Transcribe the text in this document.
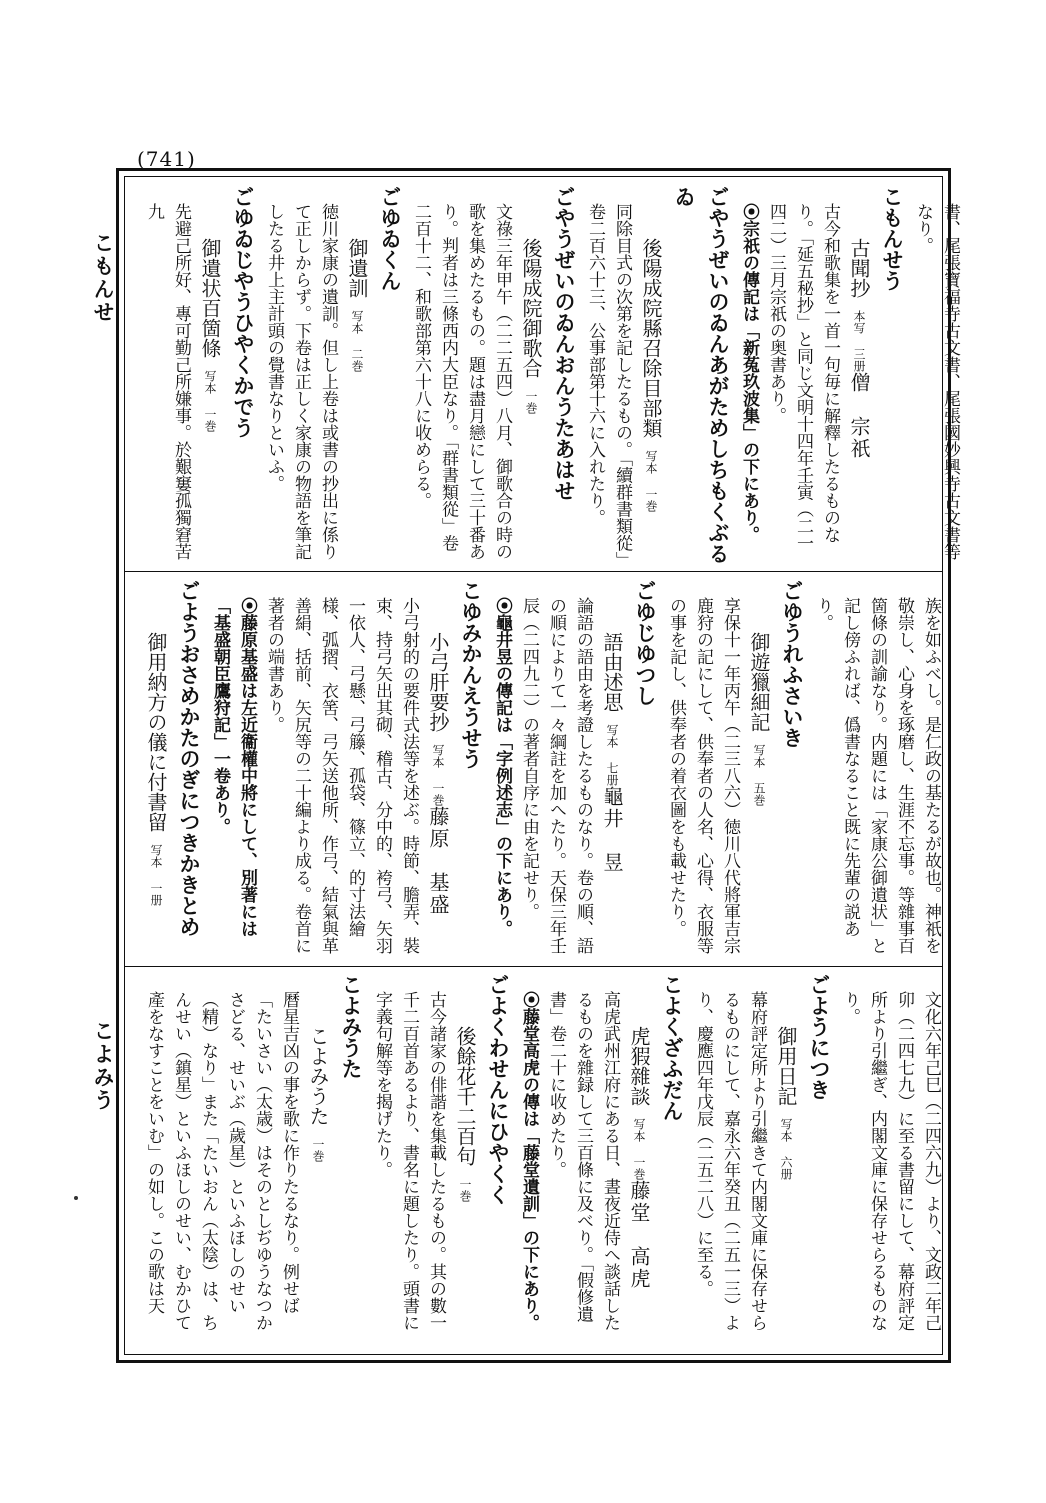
(741)
こもんせ
こよみう

書、尾張寶福寺古文書、尾張國妙興寺古文書等なり。

こもんせう

古聞抄　本写 三册僧　宗祇

古今和歌集を一首一句毎に解釋したるものなり。「延五秘抄」と同じ文明十四年壬寅（二一四二）三月宗祇の奥書あり。

⦿宗祇の傳記は「新菟玖波集」の下にあり。

ごやうぜいのゐんあがためしちもくぶるゐ

後陽成院縣召除目部類　写本 一巻

同除目式の次第を記したるもの。「續群書類從」卷二百六十三、公事部第十六に入れたり。

ごやうぜいのゐんおんうたあはせ

後陽成院御歌合　一巻

文祿三年甲午（二二五四）八月、御歌合の時の歌を集めたるもの。題は盡月戀にして三十番あり。判者は三條西内大臣なり。「群書類從」卷二百十二、和歌部第六十八に收めらる。

ごゆゐくん

御遺訓　写本 二巻

徳川家康の遺訓。但し上卷は或書の抄出に係りて正しからず。下卷は正しく家康の物語を筆記したる井上主計頭の覺書なりといふ。

ごゆゐじやうひやくかでう

御遺状百箇條　写本 一巻

先避己所好、專可勤己所嫌事。於艱窶孤獨窘苦九

族を如ふべし。是仁政の基たるが故也。神祇を敬崇し、心身を琢磨し、生涯不忘事。等雜事百箇條の訓諭なり。内題には「家康公御遺状」と記し傍ふれば、僞書なること既に先輩の説あり。

ごゆうれふさいき

御遊獵細記　写本 五巻

享保十一年丙午（二三八六）徳川八代將軍吉宗鹿狩の記にして、供奉者の人名、心得、衣服等の事を記し、供奉者の着衣圖をも載せたり。

ごゆじゆつし

語由述思　写本 七册龜井　昱

論語の語由を考證したるものなり。卷の順、語の順によりて一々綱註を加へたり。天保三年壬辰（二四九二）の著者自序に由を記せり。

⦿龜井昱の傳記は「字例述志」の下にあり。

こゆみかんえうせう

小弓肝要抄　写本 一巻藤原　基盛

小弓射的の要件式法等を述ぶ。時節、膽弄、裝束、持弓矢出其砌、稽古、分中的、袴弓、矢羽一依人、弓懸、弓籐、孤袋、篠立、的寸法繪様、弧摺、衣筈、弓矢送他所、作弓、結氣與革善絹、括前、矢尻等の二十編より成る。卷首に著者の端書あり。

⦿藤原基盛は左近衞權中將にして、別著には「基盛朝臣鷹狩記」一卷あり。

ごようおさめかたのぎにつきかきとめ

御用納方の儀に付書留　写本 一册

文化六年己巳（二四六九）より、文政二年己卯（二四七九）に至る書留にして、幕府評定所より引繼ぎ、内閣文庫に保存せらるものなり。

ごようにつき

御用日記　写本 六册

幕府評定所より引繼きて内閣文庫に保存せらるものにして、嘉永六年癸丑（二五一三）より、慶應四年戊辰（二五二八）に至る。

こよくざふだん

虎猳雜談　写本 一巻藤堂　高虎

高虎武州江府にある日、晝夜近侍へ談話したるものを雜録して三百條に及べり。「假修遺書」卷二十に收めたり。

⦿藤堂高虎の傳は「藤堂遺訓」の下にあり。

ごよくわせんにひやくく

後餘花千二百句　一巻

古今諸家の俳諧を集載したるもの。其の數一千二百首あるより、書名に題したり。頭書に字義句解等を揭げたり。

こよみうた

こよみうた　一巻

曆星吉凶の事を歌に作りたるなり。例せば「たいさい（太歳）はそのとしぢゆうなつかさどる、せいぶ（歲星）といふほしのせい（精）なり」また「たいおん（太陰）は、ちんせい（鎮星）といふほしのせい、むかひて產をなすことをいむ」の如し。この歌は天
